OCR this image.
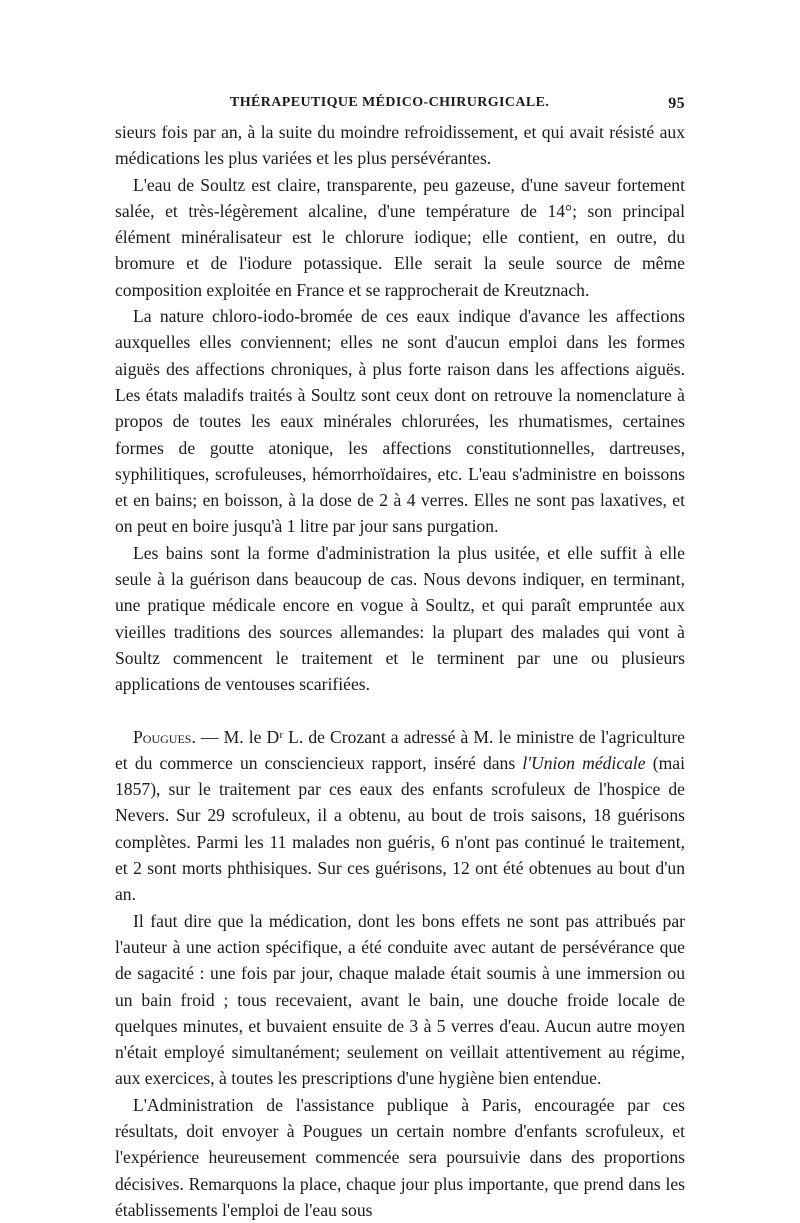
THÉRAPEUTIQUE MÉDICO-CHIRURGICALE.	95

sieurs fois par an, à la suite du moindre refroidissement, et qui avait résisté aux médications les plus variées et les plus persévérantes.

L'eau de Soultz est claire, transparente, peu gazeuse, d'une saveur fortement salée, et très-légèrement alcaline, d'une température de 14°; son principal élément minéralisateur est le chlorure iodique; elle contient, en outre, du bromure et de l'iodure potassique. Elle serait la seule source de même composition exploitée en France et se rapprocherait de Kreutznach.

La nature chloro-iodo-bromée de ces eaux indique d'avance les affections auxquelles elles conviennent; elles ne sont d'aucun emploi dans les formes aiguës des affections chroniques, à plus forte raison dans les affections aiguës. Les états maladifs traités à Soultz sont ceux dont on retrouve la nomenclature à propos de toutes les eaux minérales chlorurées, les rhumatismes, certaines formes de goutte atonique, les affections constitutionnelles, dartreuses, syphilitiques, scrofuleuses, hémorrhoïdaires, etc. L'eau s'administre en boissons et en bains; en boisson, à la dose de 2 à 4 verres. Elles ne sont pas laxatives, et on peut en boire jusqu'à 1 litre par jour sans purgation.

Les bains sont la forme d'administration la plus usitée, et elle suffit à elle seule à la guérison dans beaucoup de cas. Nous devons indiquer, en terminant, une pratique médicale encore en vogue à Soultz, et qui paraît empruntée aux vieilles traditions des sources allemandes: la plupart des malades qui vont à Soultz commencent le traitement et le terminent par une ou plusieurs applications de ventouses scarifiées.

Pougues. — M. le Dʳ L. de Crozant a adressé à M. le ministre de l'agriculture et du commerce un consciencieux rapport, inséré dans l'Union médicale (mai 1857), sur le traitement par ces eaux des enfants scrofuleux de l'hospice de Nevers. Sur 29 scrofuleux, il a obtenu, au bout de trois saisons, 18 guérisons complètes. Parmi les 11 malades non guéris, 6 n'ont pas continué le traitement, et 2 sont morts phthisiques. Sur ces guérisons, 12 ont été obtenues au bout d'un an.

Il faut dire que la médication, dont les bons effets ne sont pas attribués par l'auteur à une action spécifique, a été conduite avec autant de persévérance que de sagacité : une fois par jour, chaque malade était soumis à une immersion ou un bain froid ; tous recevaient, avant le bain, une douche froide locale de quelques minutes, et buvaient ensuite de 3 à 5 verres d'eau. Aucun autre moyen n'était employé simultanément; seulement on veillait attentivement au régime, aux exercices, à toutes les prescriptions d'une hygiène bien entendue.

L'Administration de l'assistance publique à Paris, encouragée par ces résultats, doit envoyer à Pougues un certain nombre d'enfants scrofuleux, et l'expérience heureusement commencée sera poursuivie dans des proportions décisives. Remarquons la place, chaque jour plus importante, que prend dans les établissements l'emploi de l'eau sous
